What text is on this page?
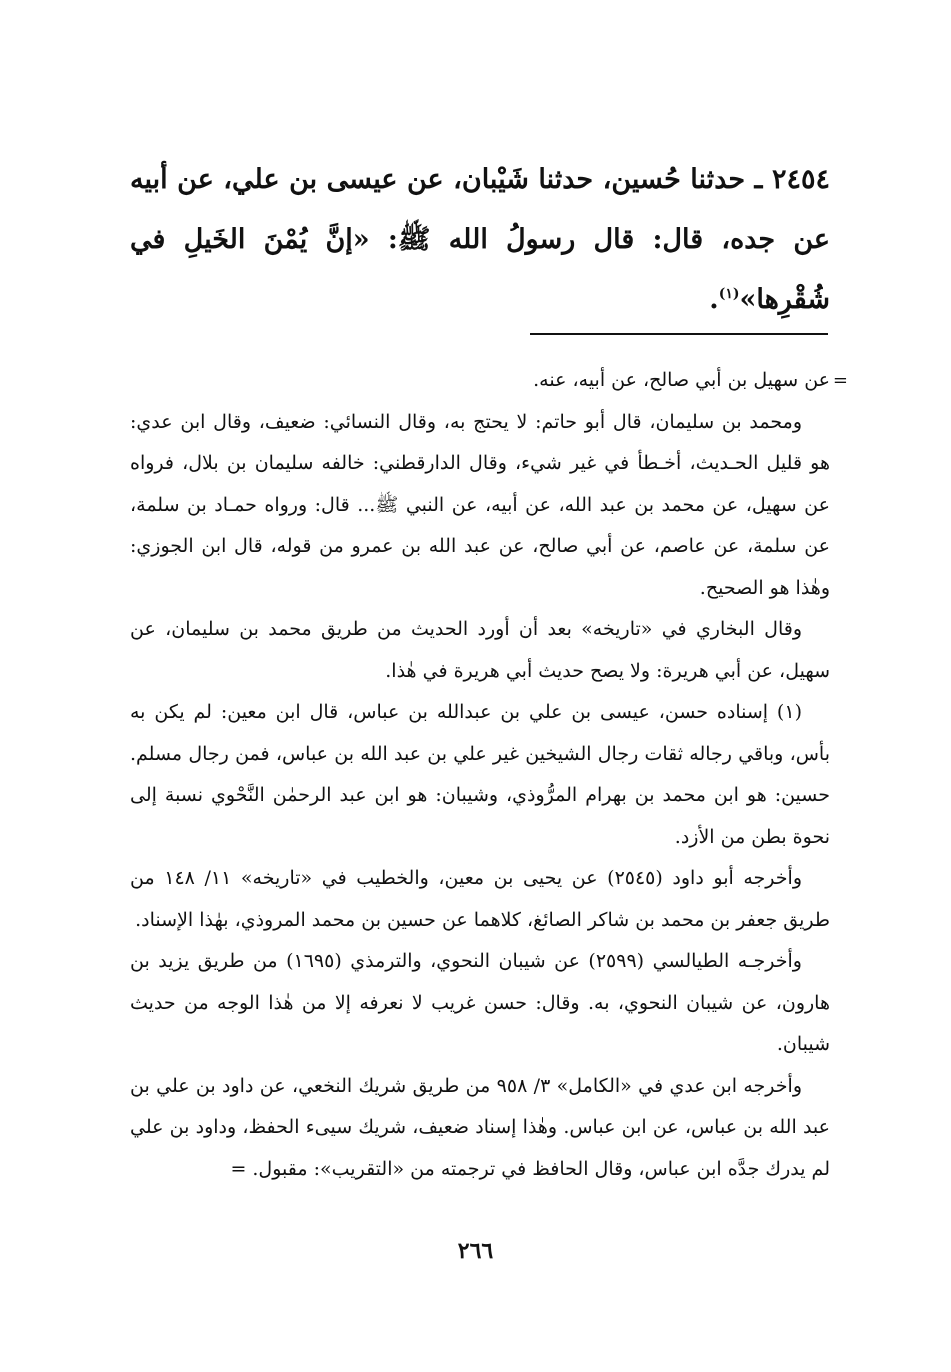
٢٤٥٤ ـ حدثنا حُسين، حدثنا شَيْبان، عن عيسى بن علي، عن أبيه عن جده، قال: قال رسولُ الله ﷺ: «إنَّ يُمْنَ الخَيلِ في شُقْرِها»$^{(١)}$.

=
عن سهيل بن أبي صالح، عن أبيه، عنه.

ومحمد بن سليمان، قال أبو حاتم: لا يحتج به، وقال النسائي: ضعيف، وقال ابن عدي: هو قليل الحـديث، أخـطأ في غير شيء، وقال الدارقطني: خالفه سليمان بن بلال، فرواه عن سهيل، عن محمد بن عبد الله، عن أبيه، عن النبي ﷺ... قال: ورواه حمـاد بن سلمة، عن سلمة، عن عاصم، عن أبي صالح، عن عبد الله بن عمرو من قوله، قال ابن الجوزي: وهٰذا هو الصحيح.

وقال البخاري في «تاريخه» بعد أن أورد الحديث من طريق محمد بن سليمان، عن سهيل، عن أبي هريرة: ولا يصح حديث أبي هريرة في هٰذا.

(١) إسناده حسن، عيسى بن علي بن عبدالله بن عباس، قال ابن معين: لم يكن به بأس، وباقي رجاله ثقات رجال الشيخين غير علي بن عبد الله بن عباس، فمن رجال مسلم. حسين: هو ابن محمد بن بهرام المرُّوذي، وشيبان: هو ابن عبد الرحمٰن النَّحْوي نسبة إلى نحوة بطن من الأزد.

وأخرجه أبو داود (٢٥٤٥) عن يحيى بن معين، والخطيب في «تاريخه» ١١/ ١٤٨ من طريق جعفر بن محمد بن شاكر الصائغ، كلاهما عن حسين بن محمد المروذي، بهٰذا الإسناد.

وأخرجـه الطيالسي (٢٥٩٩) عن شيبان النحوي، والترمذي (١٦٩٥) من طريق يزيد بن هارون، عن شيبان النحوي، به. وقال: حسن غريب لا نعرفه إلا من هٰذا الوجه من حديث شيبان.

وأخرجه ابن عدي في «الكامل» ٣/ ٩٥٨ من طريق شريك النخعي، عن داود بن علي بن عبد الله بن عباس، عن ابن عباس. وهٰذا إسناد ضعيف، شريك سيىء الحفظ، وداود بن علي لم يدرك جدَّه ابن عباس، وقال الحافظ في ترجمته من «التقريب»: مقبول. =

٢٦٦
